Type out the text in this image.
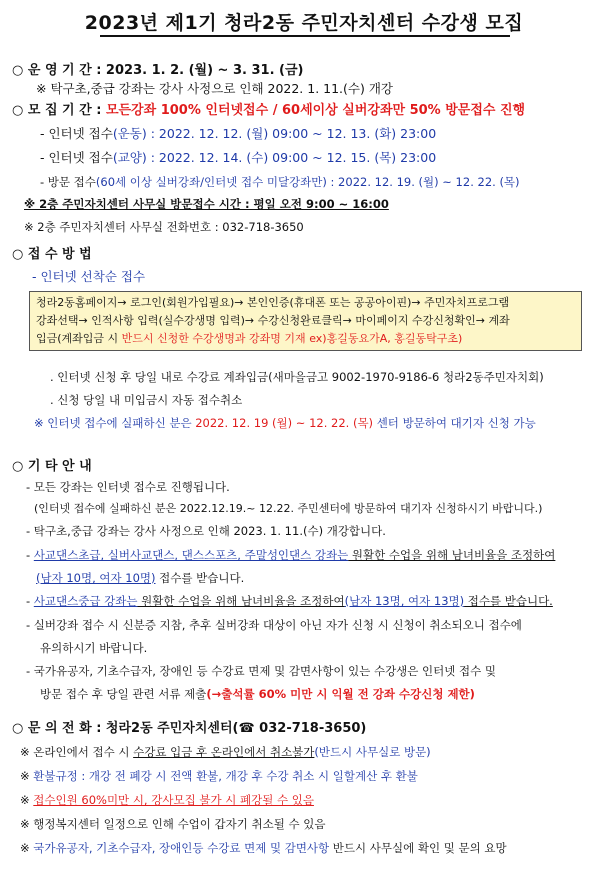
2023년 제1기 청라2동 주민자치센터 수강생 모집
○ 운 영 기 간 : 2023. 1. 2. (월) ~ 3. 31. (금)
※ 탁구초,중급 강좌는 강사 사정으로 인해 2022. 1. 11.(수) 개강
○ 모 집 기 간 : 모든강좌 100% 인터넷접수 / 60세이상 실버강좌만 50% 방문접수 진행
- 인터넷 접수(운동) : 2022. 12. 12. (월) 09:00 ~ 12. 13. (화) 23:00
- 인터넷 접수(교양) : 2022. 12. 14. (수) 09:00 ~ 12. 15. (목) 23:00
- 방문 접수(60세 이상 실버강좌/인터넷 접수 미달강좌만) : 2022. 12. 19. (월) ~ 12. 22. (목)
※ 2층 주민자치센터 사무실 방문접수 시간 : 평일 오전 9:00 ~ 16:00
※ 2층 주민자치센터 사무실 전화번호 : 032-718-3650
○ 접 수 방 법
- 인터넷 선착순 접수
청라2동홈페이지→ 로그인(회원가입필요)→ 본인인증(휴대폰 또는 공공아이핀)→ 주민자치프로그램
강좌선택→ 인적사항 입력(실수강생명 입력)→ 수강신청완료클릭→ 마이페이지 수강신청확인→ 계좌
입금(계좌입금 시 반드시 신청한 수강생명과 강좌명 기재 ex)홍길동요가A, 홍길동탁구초)
. 인터넷 신청 후 당일 내로 수강료 계좌입금(새마을금고 9002-1970-9186-6 청라2동주민자치회)
. 신청 당일 내 미입금시 자동 접수취소
※ 인터넷 접수에 실패하신 분은 2022. 12. 19 (월) ~ 12. 22. (목) 센터 방문하여 대기자 신청 가능
○ 기 타 안 내
- 모든 강좌는 인터넷 접수로 진행됩니다.
(인터넷 접수에 실패하신 분은 2022.12.19.~ 12.22. 주민센터에 방문하여 대기자 신청하시기 바랍니다.)
- 탁구초,중급 강좌는 강사 사정으로 인해 2023. 1. 11.(수) 개강합니다.
- 사교댄스초급, 실버사교댄스, 댄스스포츠, 주말성인댄스 강좌는 원활한 수업을 위해 남녀비율을 조정하여
(남자 10명, 여자 10명) 접수를 받습니다.
- 사교댄스중급 강좌는 원활한 수업을 위해 남녀비율을 조정하여(남자 13명, 여자 13명) 접수를 받습니다.
- 실버강좌 접수 시 신분증 지참, 추후 실버강좌 대상이 아닌 자가 신청 시 신청이 취소되오니 접수에
유의하시기 바랍니다.
- 국가유공자, 기초수급자, 장애인 등 수강료 면제 및 감면사항이 있는 수강생은 인터넷 접수 및
방문 접수 후 당일 관련 서류 제출(→출석률 60% 미만 시 익월 전 강좌 수강신청 제한)
○ 문 의 전 화 : 청라2동 주민자치센터(☎ 032-718-3650)
※ 온라인에서 접수 시 수강료 입금 후 온라인에서 취소불가(반드시 사무실로 방문)
※ 환불규정 : 개강 전 폐강 시 전액 환불, 개강 후 수강 취소 시 일할계산 후 환불
※ 접수인원 60%미만 시, 강사모집 불가 시 폐강될 수 있음
※ 행정복지센터 일정으로 인해 수업이 갑자기 취소될 수 있음
※ 국가유공자, 기초수급자, 장애인등 수강료 면제 및 감면사항 반드시 사무실에 확인 및 문의 요망
